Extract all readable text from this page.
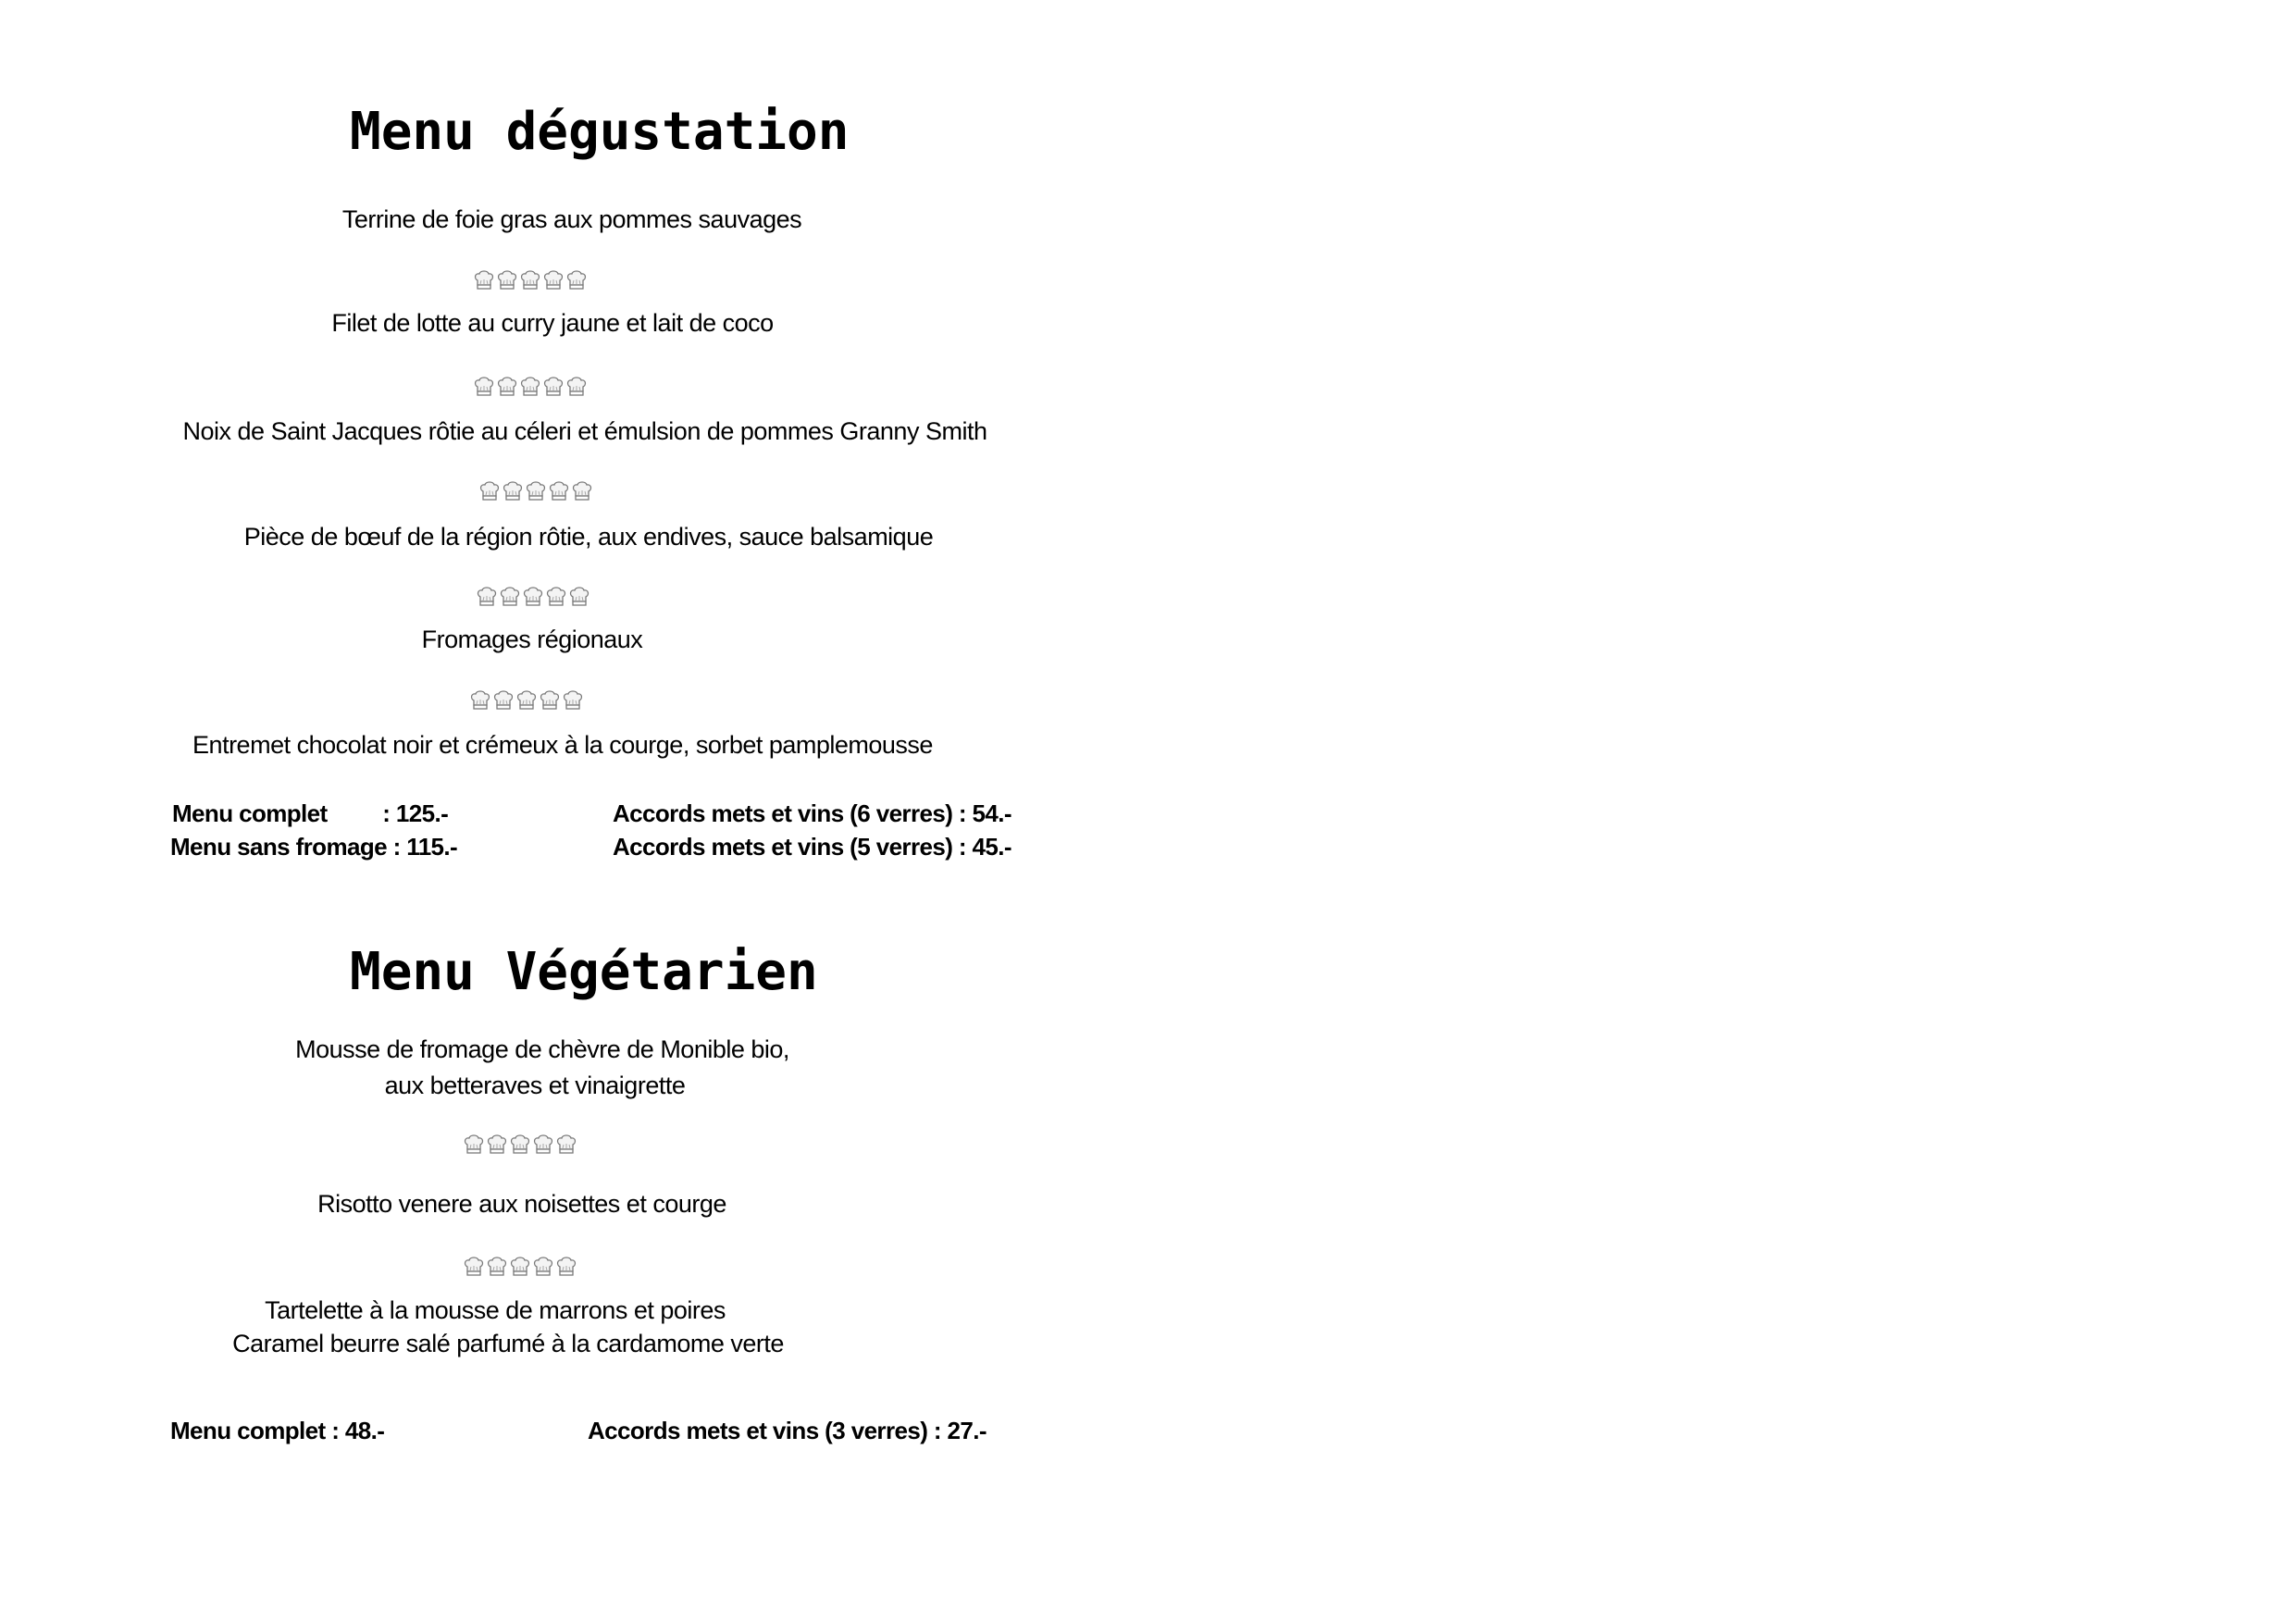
Menu dégustation
Terrine de foie gras aux pommes sauvages
Filet de lotte au curry jaune et lait de coco
Noix de Saint Jacques rôtie au céleri et émulsion de pommes Granny Smith
Pièce de bœuf de la région rôtie, aux endives, sauce balsamique
Fromages régionaux
Entremet chocolat noir et crémeux à la courge, sorbet pamplemousse
Menu complet         : 125.-
Menu sans fromage : 115.-
Accords mets et vins (6 verres) : 54.-
Accords mets et vins (5 verres) : 45.-
Menu Végétarien
Mousse de fromage de chèvre de Monible bio,
aux betteraves et vinaigrette
Risotto venere aux noisettes et courge
Tartelette à la mousse de marrons et poires
Caramel beurre salé parfumé à la cardamome verte
Menu complet : 48.-	Accords mets et vins (3 verres) : 27.-
